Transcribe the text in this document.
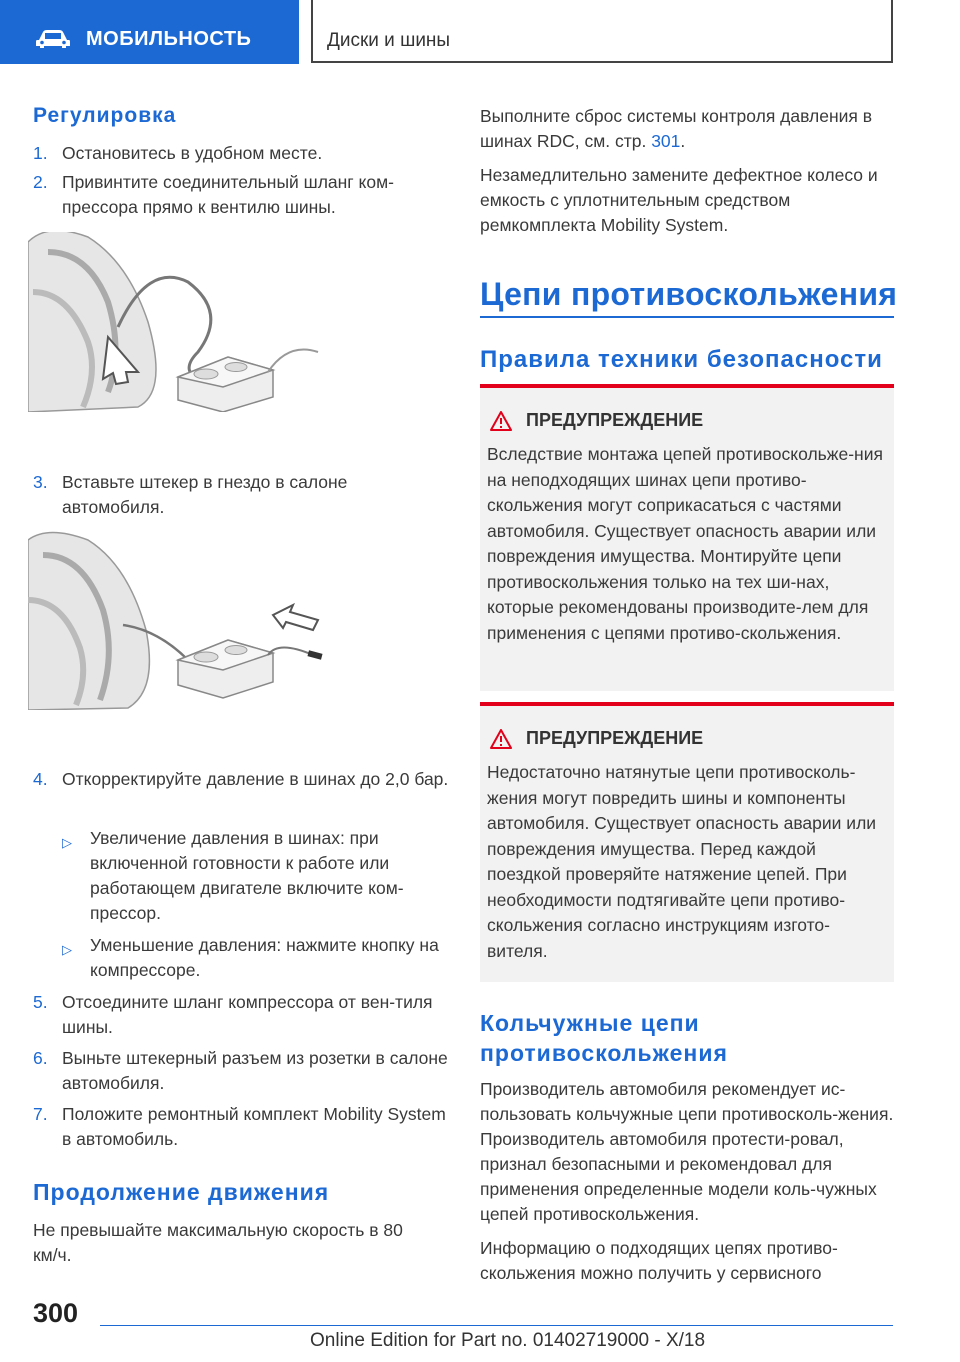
МОБИЛЬНОСТЬ	Диски и шины
Регулировка
1. Остановитесь в удобном месте.
2. Привинтите соединительный шланг ком-прессора прямо к вентилю шины.
3. Вставьте штекер в гнездо в салоне автомобиля.
4. Откорректируйте давление в шинах до 2,0 бар.
▷ Увеличение давления в шинах: при включенной готовности к работе или работающем двигателе включите ком-прессор.
▷ Уменьшение давления: нажмите кнопку на компрессоре.
5. Отсоедините шланг компрессора от вен-тиля шины.
6. Выньте штекерный разъем из розетки в салоне автомобиля.
7. Положите ремонтный комплект Mobility System в автомобиль.
Продолжение движения
Не превышайте максимальную скорость в 80 км/ч.
Выполните сброс системы контроля давления в шинах RDC, см. стр. 301.
Незамедлительно замените дефектное колесо и емкость с уплотнительным средством ремкомплекта Mobility System.
Цепи противоскольжения
Правила техники безопасности
ПРЕДУПРЕЖДЕНИЕ
Вследствие монтажа цепей противоскольже-ния на неподходящих шинах цепи противо-скольжения могут соприкасаться с частями автомобиля. Существует опасность аварии или повреждения имущества. Монтируйте цепи противоскольжения только на тех ши-нах, которые рекомендованы производите-лем для применения с цепями противо-скольжения.
ПРЕДУПРЕЖДЕНИЕ
Недостаточно натянутые цепи противосколь-жения могут повредить шины и компоненты автомобиля. Существует опасность аварии или повреждения имущества. Перед каждой поездкой проверяйте натяжение цепей. При необходимости подтягивайте цепи противо-скольжения согласно инструкциям изгото-вителя.
Кольчужные цепи
противоскольжения
Производитель автомобиля рекомендует ис-пользовать кольчужные цепи противосколь-жения. Производитель автомобиля протести-ровал, признал безопасными и рекомендовал для применения определенные модели коль-чужных цепей противоскольжения.
Информацию о подходящих цепях противо-скольжения можно получить у сервисного
300
Online Edition for Part no. 01402719000 - X/18
